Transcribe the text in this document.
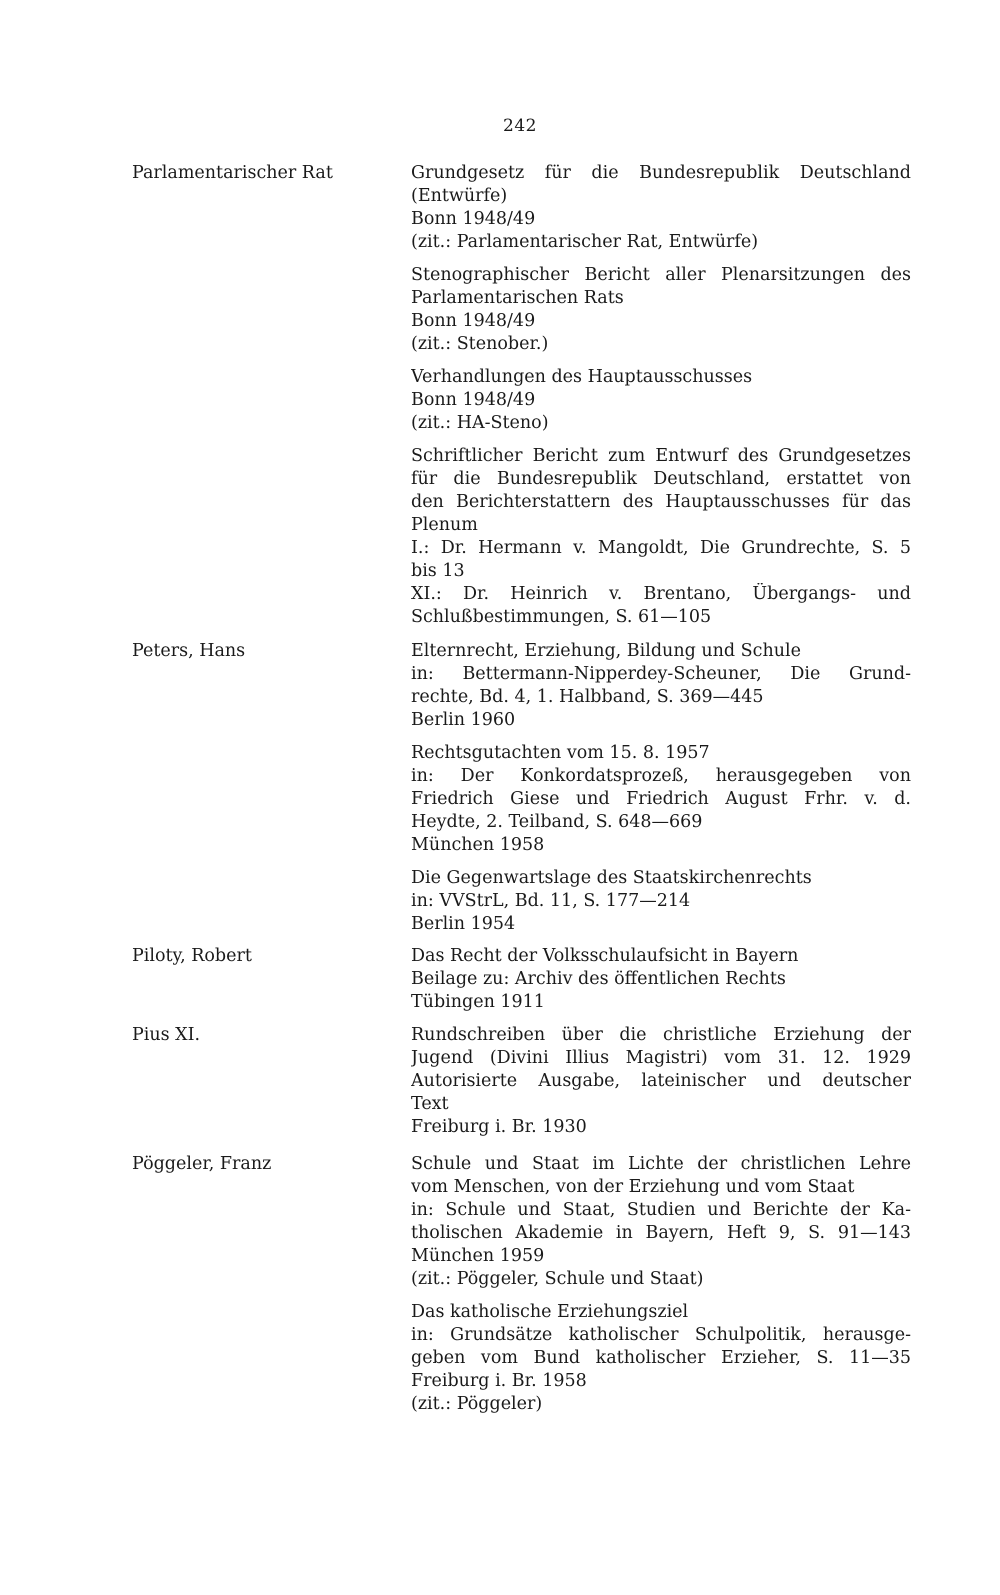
242
Parlamentarischer Rat	Grundgesetz für die Bundesrepublik Deutschland
(Entwürfe)
Bonn 1948/49
(zit.: Parlamentarischer Rat, Entwürfe)
Stenographischer Bericht aller Plenarsitzungen des
Parlamentarischen Rats
Bonn 1948/49
(zit.: Stenober.)
Verhandlungen des Hauptausschusses
Bonn 1948/49
(zit.: HA-Steno)
Schriftlicher Bericht zum Entwurf des Grundgesetzes
für die Bundesrepublik Deutschland, erstattet von
den Berichterstattern des Hauptausschusses für das
Plenum
I.: Dr. Hermann v. Mangoldt, Die Grundrechte, S. 5
bis 13
XI.: Dr. Heinrich v. Brentano, Übergangs- und
Schlußbestimmungen, S. 61—105
Peters, Hans	Elternrecht, Erziehung, Bildung und Schule
in: Bettermann-Nipperdey-Scheuner, Die Grund-
rechte, Bd. 4, 1. Halbband, S. 369—445
Berlin 1960
Rechtsgutachten vom 15. 8. 1957
in: Der Konkordatsprozeß, herausgegeben von
Friedrich Giese und Friedrich August Frhr. v. d.
Heydte, 2. Teilband, S. 648—669
München 1958
Die Gegenwartslage des Staatskirchenrechts
in: VVStrL, Bd. 11, S. 177—214
Berlin 1954
Piloty, Robert	Das Recht der Volksschulaufsicht in Bayern
Beilage zu: Archiv des öffentlichen Rechts
Tübingen 1911
Pius XI.	Rundschreiben über die christliche Erziehung der
Jugend (Divini Illius Magistri) vom 31. 12. 1929
Autorisierte Ausgabe, lateinischer und deutscher
Text
Freiburg i. Br. 1930
Pöggeler, Franz	Schule und Staat im Lichte der christlichen Lehre
vom Menschen, von der Erziehung und vom Staat
in: Schule und Staat, Studien und Berichte der Ka-
tholischen Akademie in Bayern, Heft 9, S. 91—143
München 1959
(zit.: Pöggeler, Schule und Staat)
Das katholische Erziehungsziel
in: Grundsätze katholischer Schulpolitik, herausge-
geben vom Bund katholischer Erzieher, S. 11—35
Freiburg i. Br. 1958
(zit.: Pöggeler)
